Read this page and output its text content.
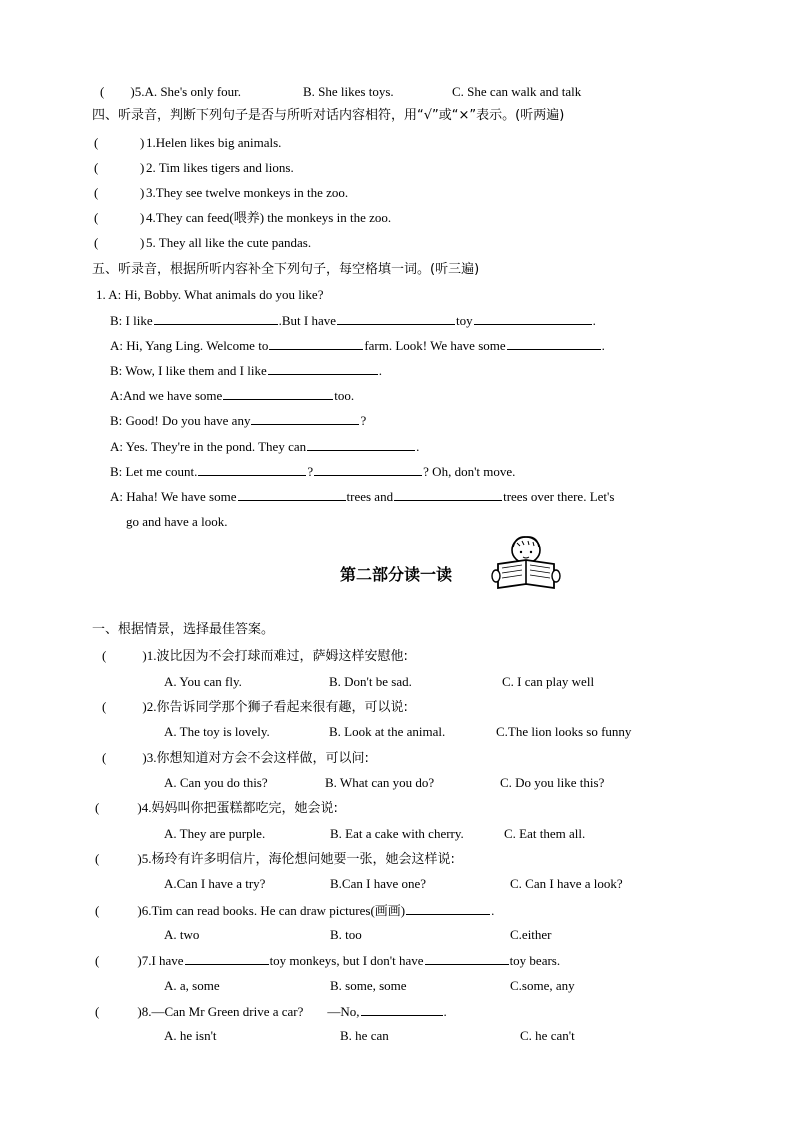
( )5.A. She's only four.	B. She likes toys.	C. She can walk and talk
四、听录音，判断下列句子是否与所听对话内容相符，用“√”或“×”表示。(听两遍)
(	) 1.Helen likes big animals.
(	) 2. Tim likes tigers and lions.
(	) 3.They see twelve monkeys in the zoo.
(	) 4.They can feed(喂养) the monkeys in the zoo.
(	) 5. They all like the cute pandas.
五、听录音，根据所听内容补全下列句子，每空格填一词。(听三遍)
1. A: Hi, Bobby. What animals do you like?
B: I like	.But I have	toy	.
A: Hi, Yang Ling. Welcome to	farm. Look! We have some	.
B: Wow, I like them and I like	.
A:And we have some	too.
B: Good! Do you have any	?
A: Yes. They're in the pond. They can	.
B: Let me count.	?	? Oh, don't move.
A: Haha! We have some	trees and	trees over there. Let's
go and have a look.
第二部分读一读
一、根据情景，选择最佳答案。
(	)1.波比因为不会打球而难过，萨姆这样安慰他:
A. You can fly.	B. Don't be sad.	C. I can play well
(	)2.你告诉同学那个狮子看起来很有趣，可以说:
A. The toy is lovely.	B. Look at the animal.	C.The lion looks so funny
(	)3.你想知道对方会不会这样做，可以问:
A. Can you do this?	B. What can you do?	C. Do you like this?
(	)4.妈妈叫你把蛋糕都吃完，她会说:
A. They are purple.	B. Eat a cake with cherry.	C. Eat them all.
(	)5.杨玲有许多明信片，海伦想问她要一张，她会这样说:
A.Can I have a try?	B.Can I have one?	C. Can I have a look?
(	)6.Tim can read books. He can draw pictures(画画)	.
A. two	B. too	C.either
(	)7.I have	toy monkeys, but I don't have	toy bears.
A. a, some	B. some, some	C.some, any
(	)8.—Can Mr Green drive a car? —No,	.
A. he isn't	B. he can	C. he can't
